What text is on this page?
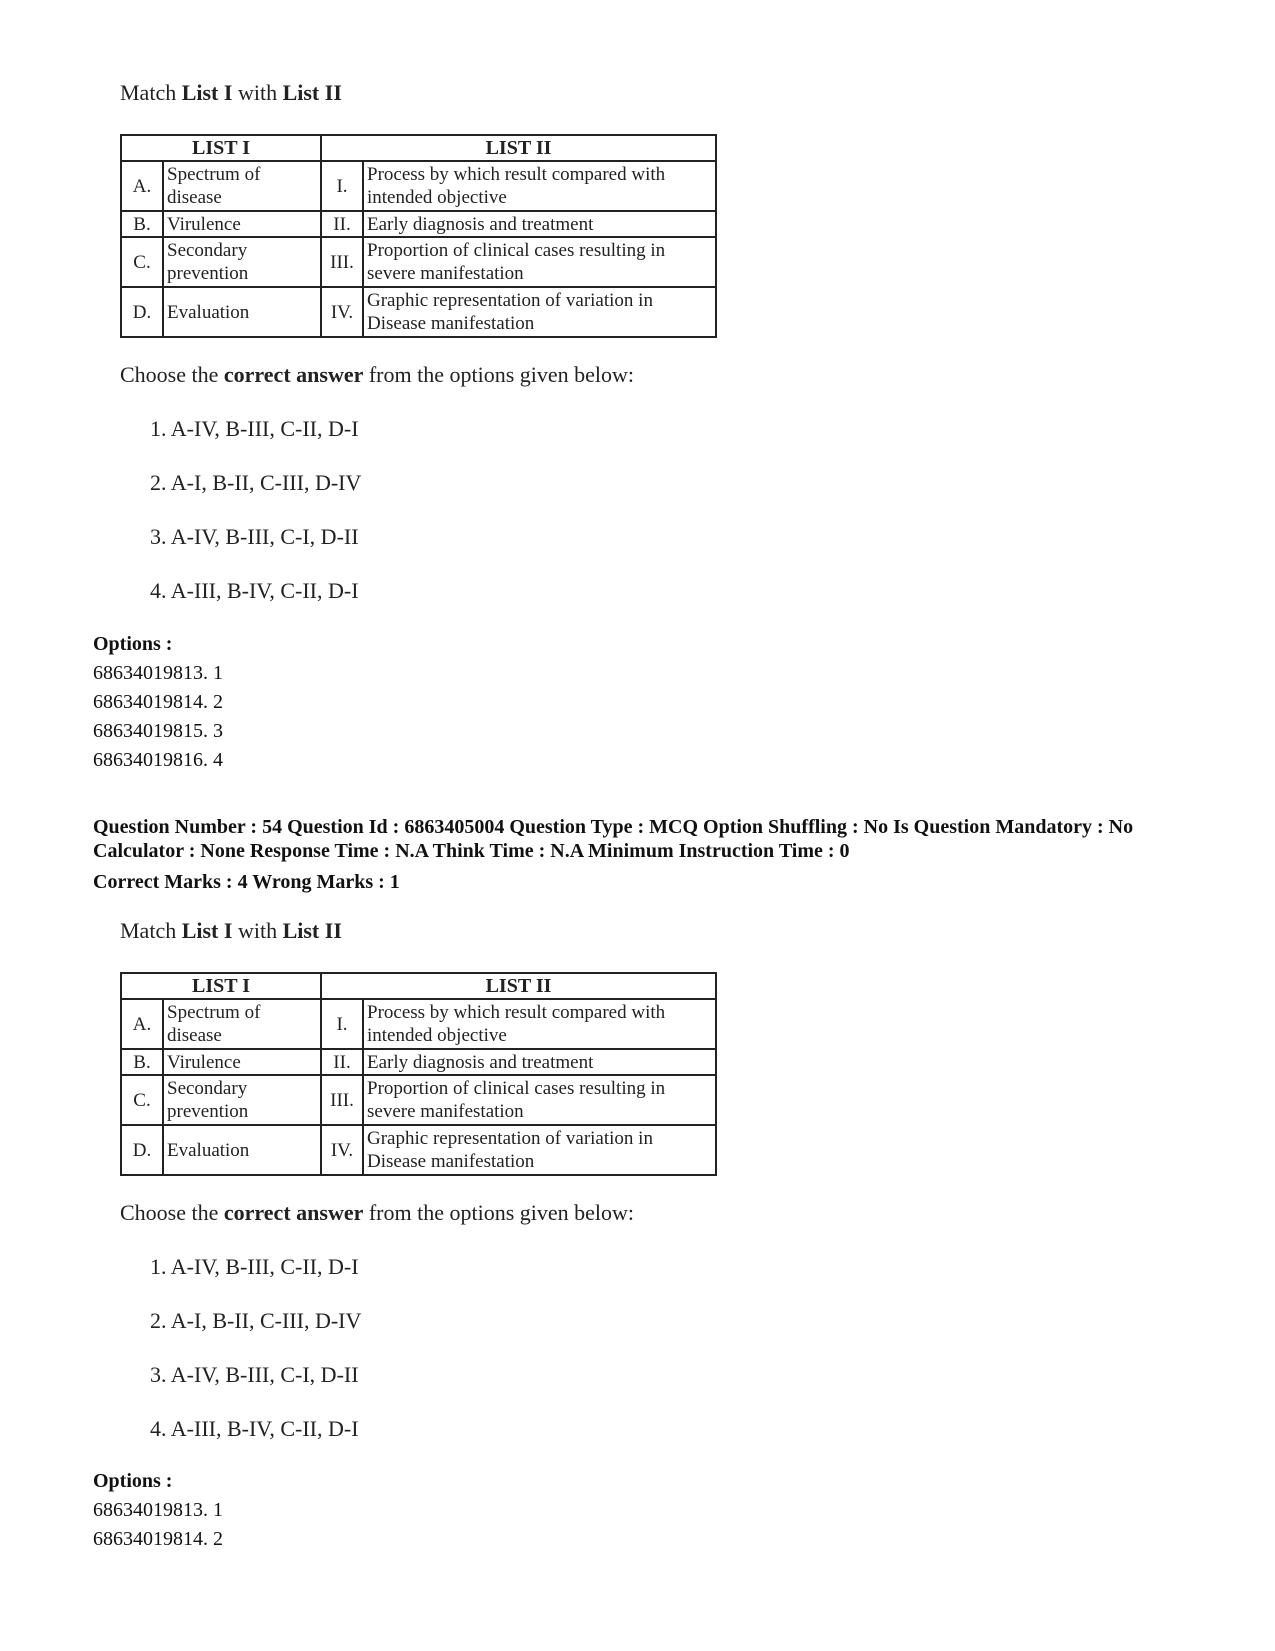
Match List I with List II
LIST I		LIST II	
A.	Spectrum of disease	I.	Process by which result compared with intended objective
B.	Virulence	II.	Early diagnosis and treatment
C.	Secondary prevention	III.	Proportion of clinical cases resulting in severe manifestation
D.	Evaluation	IV.	Graphic representation of variation in Disease manifestation
Choose the correct answer from the options given below:
1. A-IV, B-III, C-II, D-I
2. A-I, B-II, C-III, D-IV
3. A-IV, B-III, C-I, D-II
4. A-III, B-IV, C-II, D-I
Options :
68634019813. 1
68634019814. 2
68634019815. 3
68634019816. 4
Question Number : 54 Question Id : 6863405004 Question Type : MCQ Option Shuffling : No Is Question Mandatory : No Calculator : None Response Time : N.A Think Time : N.A Minimum Instruction Time : 0
Correct Marks : 4 Wrong Marks : 1
Match List I with List II
LIST I		LIST II	
A.	Spectrum of disease	I.	Process by which result compared with intended objective
B.	Virulence	II.	Early diagnosis and treatment
C.	Secondary prevention	III.	Proportion of clinical cases resulting in severe manifestation
D.	Evaluation	IV.	Graphic representation of variation in Disease manifestation
Choose the correct answer from the options given below:
1. A-IV, B-III, C-II, D-I
2. A-I, B-II, C-III, D-IV
3. A-IV, B-III, C-I, D-II
4. A-III, B-IV, C-II, D-I
Options :
68634019813. 1
68634019814. 2
